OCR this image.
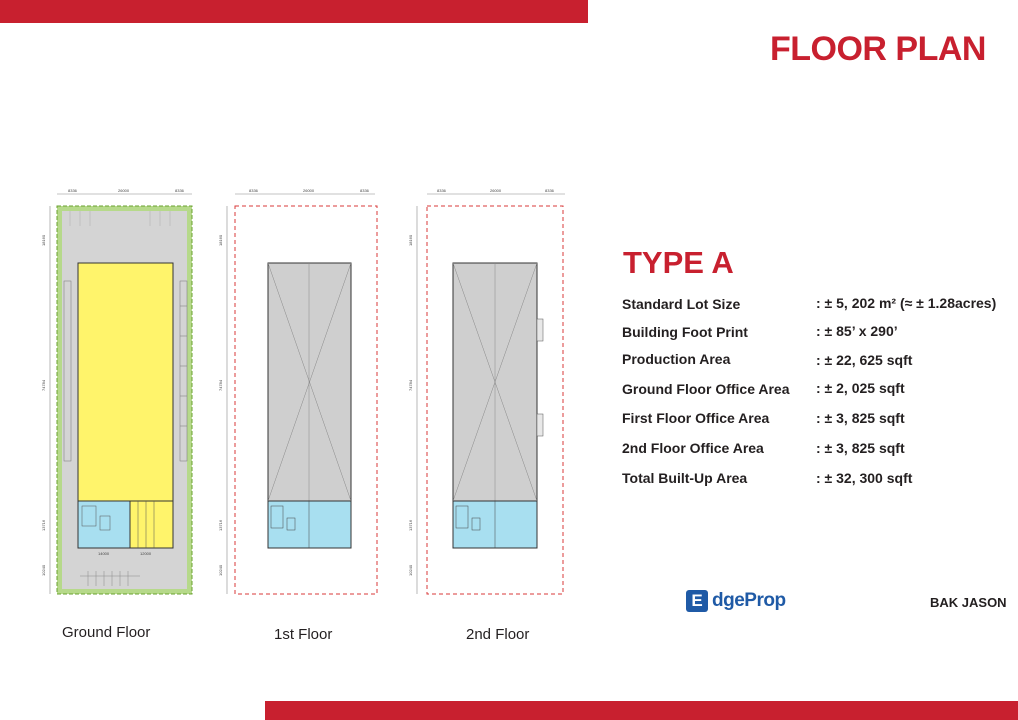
FLOOR PLAN
8336	26000	8336
18160
74784
13716
10240
14000	12000
8336	26000	8336
18160
74784
13716
10240
8336	26000	8336
18160
74784
13716
10240
Ground Floor	1st Floor	2nd Floor
TYPE A
Standard Lot Size	: ± 5, 202 m² (≈ ± 1.28acres)
Building Foot Print	: ± 85’ x 290’
Production Area	: ± 22, 625 sqft
Ground Floor Office Area : ± 2, 025 sqft
First Floor Office Area	: ± 3, 825 sqft
2nd Floor Office Area	: ± 3, 825 sqft
Total Built-Up Area	: ± 32, 300 sqft
E dgeProp	BAK JASON
